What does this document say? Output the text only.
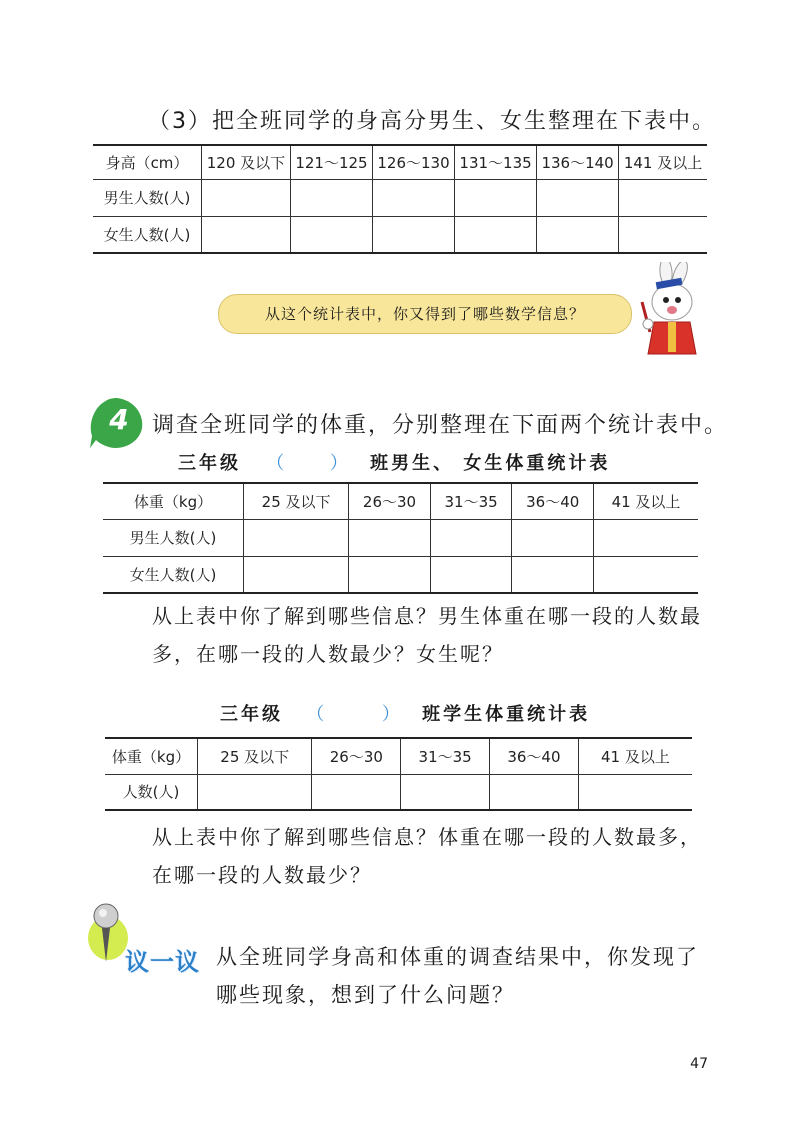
（3）把全班同学的身高分男生、女生整理在下表中。
身高（cm）	120 及以下	121～125	126～130	131～135	136～140	141 及以上
男生人数(人)						
女生人数(人)						
从这个统计表中，你又得到了哪些数学信息？
4 调查全班同学的体重，分别整理在下面两个统计表中。
三年级 （ ） 班男生、 女生体重统计表
体重（kg）	25 及以下	26～30	31～35	36～40	41 及以上
男生人数(人)					
女生人数(人)					
从上表中你了解到哪些信息？男生体重在哪一段的人数最多，在哪一段的人数最少？女生呢？
三年级 （	） 班学生体重统计表
体重（kg）	25 及以下	26～30	31～35	36～40	41 及以上
人数(人)					
从上表中你了解到哪些信息？体重在哪一段的人数最多，在哪一段的人数最少？
议一议 从全班同学身高和体重的调查结果中，你发现了哪些现象，想到了什么问题？
47
